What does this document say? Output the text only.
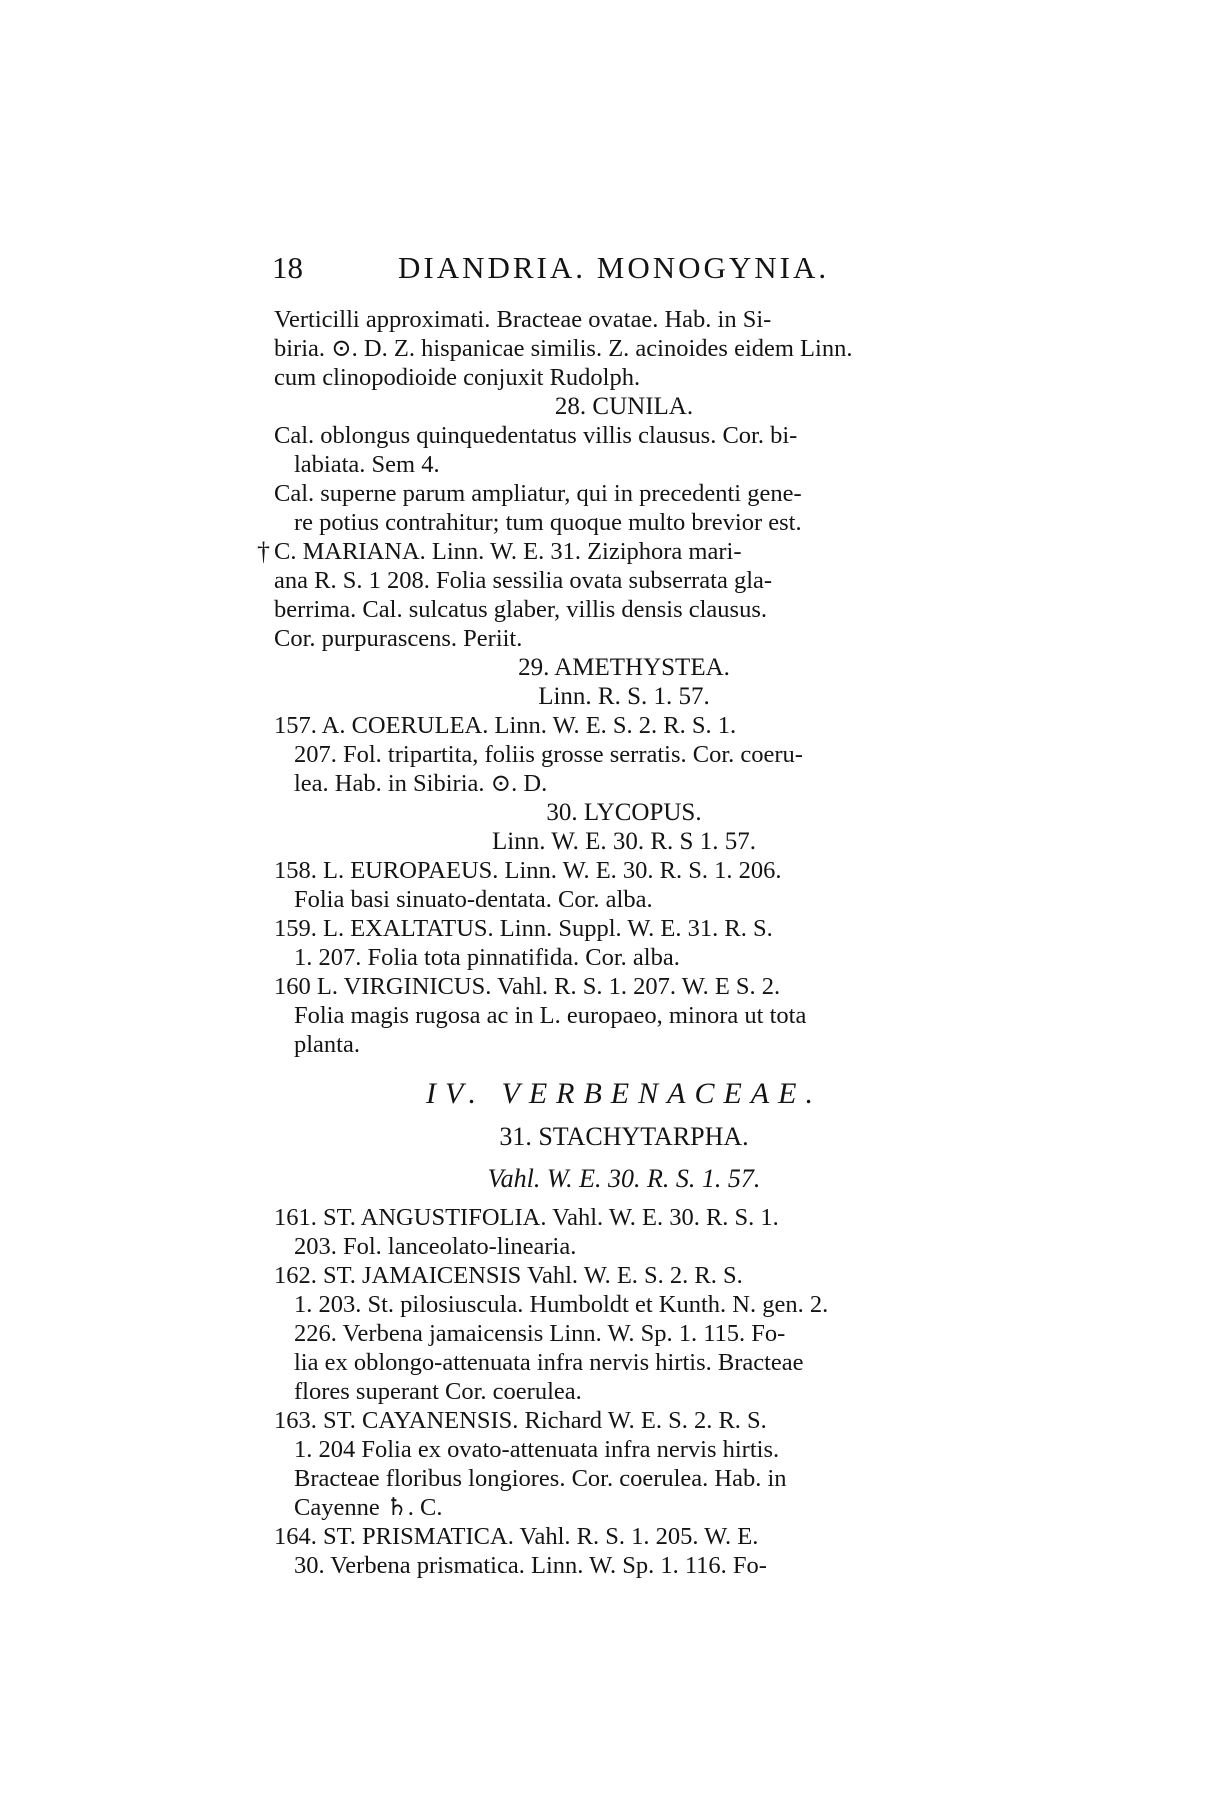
18	DIANDRIA. MONOGYNIA.
Verticilli approximati. Bracteae ovatae. Hab. in Si-
biria. ⊙. D. Z. hispanicae similis. Z. acinoides eidem Linn.
cum clinopodioide conjuxit Rudolph.
28. CUNILA.
Cal. oblongus quinquedentatus villis clausus. Cor. bi-
labiata. Sem 4.
Cal. superne parum ampliatur, qui in precedenti gene-
re potius contrahitur; tum quoque multo brevior est.
† C. MARIANA. Linn. W. E. 31. Ziziphora mari-
ana R. S. 1 208. Folia sessilia ovata subserrata gla-
berrima. Cal. sulcatus glaber, villis densis clausus.
Cor. purpurascens. Periit.
29. AMETHYSTEA.
Linn. R. S. 1. 57.
157. A. COERULEA. Linn. W. E. S. 2. R. S. 1.
207. Fol. tripartita, foliis grosse serratis. Cor. coeru-
lea. Hab. in Sibiria. ⊙. D.
30. LYCOPUS.
Linn. W. E. 30. R. S 1. 57.
158. L. EUROPAEUS. Linn. W. E. 30. R. S. 1. 206.
Folia basi sinuato-dentata. Cor. alba.
159. L. EXALTATUS. Linn. Suppl. W. E. 31. R. S.
1. 207. Folia tota pinnatifida. Cor. alba.
160 L. VIRGINICUS. Vahl. R. S. 1. 207. W. E S. 2.
Folia magis rugosa ac in L. europaeo, minora ut tota
planta.
IV. VERBENACEAE.
31. STACHYTARPHA.
Vahl. W. E. 30. R. S. 1. 57.
161. ST. ANGUSTIFOLIA. Vahl. W. E. 30. R. S. 1.
203. Fol. lanceolato-linearia.
162. ST. JAMAICENSIS Vahl. W. E. S. 2. R. S.
1. 203. St. pilosiuscula. Humboldt et Kunth. N. gen. 2.
226. Verbena jamaicensis Linn. W. Sp. 1. 115. Fo-
lia ex oblongo-attenuata infra nervis hirtis. Bracteae
flores superant Cor. coerulea.
163. ST. CAYANENSIS. Richard W. E. S. 2. R. S.
1. 204 Folia ex ovato-attenuata infra nervis hirtis.
Bracteae floribus longiores. Cor. coerulea. Hab. in
Cayenne ♄. C.
164. ST. PRISMATICA. Vahl. R. S. 1. 205. W. E.
30. Verbena prismatica. Linn. W. Sp. 1. 116. Fo-
